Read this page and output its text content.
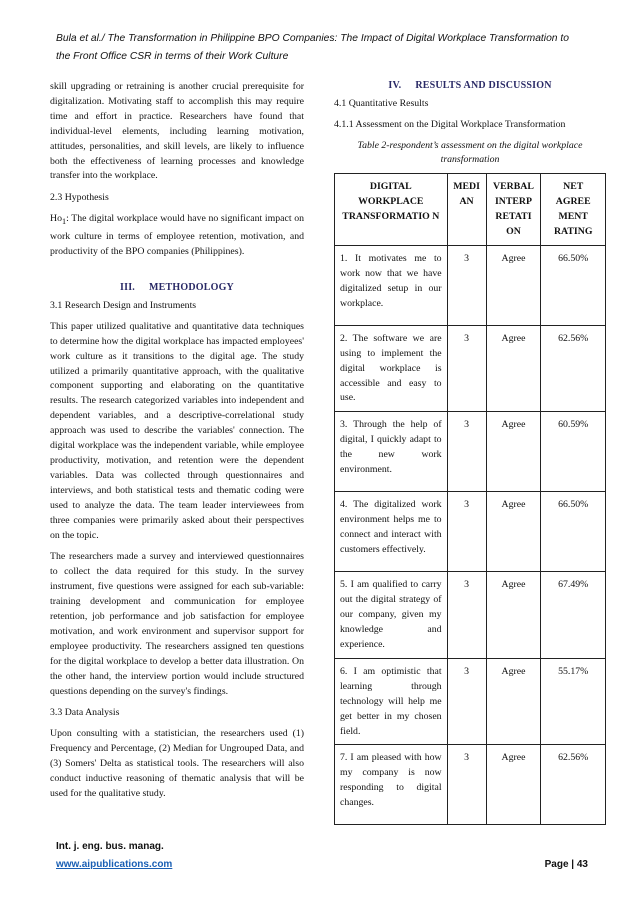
Bula et al./ The Transformation in Philippine BPO Companies: The Impact of Digital Workplace Transformation to the Front Office CSR in terms of their Work Culture

skill upgrading or retraining is another crucial prerequisite for digitalization. Motivating staff to accomplish this may require time and effort in practice. Researchers have found that individual-level elements, including learning motivation, attitudes, personalities, and skill levels, are likely to influence both the effectiveness of learning processes and knowledge transfer into the workplace.

2.3 Hypothesis

$Ho_1$: The digital workplace would have no significant impact on work culture in terms of employee retention, motivation, and productivity of the BPO companies (Philippines).

III. METHODOLOGY
3.1 Research Design and Instruments

This paper utilized qualitative and quantitative data techniques to determine how the digital workplace has impacted employees' work culture as it transitions to the digital age. The study utilized a primarily quantitative approach, with the qualitative component supporting and elaborating on the quantitative results. The research categorized variables into independent and dependent variables, and a descriptive-correlational study approach was used to describe the variables' connection. The digital workplace was the independent variable, while employee productivity, motivation, and retention were the dependent variables. Data was collected through questionnaires and interviews, and both statistical tests and thematic coding were used to analyze the data. The team leader interviewees from three companies were primarily asked about their perspectives on the topic.

The researchers made a survey and interviewed questionnaires to collect the data required for this study. In the survey instrument, five questions were assigned for each sub-variable: training development and communication for employee retention, job performance and job satisfaction for employee motivation, and work environment and supervisor support for employee productivity. The researchers assigned ten questions for the digital workplace to develop a better data illustration. On the other hand, the interview portion would include structured questions depending on the survey's findings.

3.3 Data Analysis

Upon consulting with a statistician, the researchers used (1) Frequency and Percentage, (2) Median for Ungrouped Data, and (3) Somers' Delta as statistical tools. The researchers will also conduct inductive reasoning of thematic analysis that will be used for the qualitative study.

IV. RESULTS AND DISCUSSION
4.1 Quantitative Results
4.1.1 Assessment on the Digital Workplace Transformation
Table 2-respondent’s assessment on the digital workplace transformation
DIGITAL WORKPLACE TRANSFORMATIO N	MEDI AN	VERBAL INTERP RETATI ON	NET AGREE MENT RATING
1. It motivates me to work now that we have digitalized setup in our workplace.	3	Agree	66.50%
2. The software we are using to implement the digital workplace is accessible and easy to use.	3	Agree	62.56%
3. Through the help of digital, I quickly adapt to the new work environment.	3	Agree	60.59%
4. The digitalized work environment helps me to connect and interact with customers effectively.	3	Agree	66.50%
5. I am qualified to carry out the digital strategy of our company, given my knowledge and experience.	3	Agree	67.49%
6. I am optimistic that learning through technology will help me get better in my chosen field.	3	Agree	55.17%
7. I am pleased with how my company is now responding to digital changes.	3	Agree	62.56%
Int. j. eng. bus. manag.
www.aipublications.com	Page | 43
